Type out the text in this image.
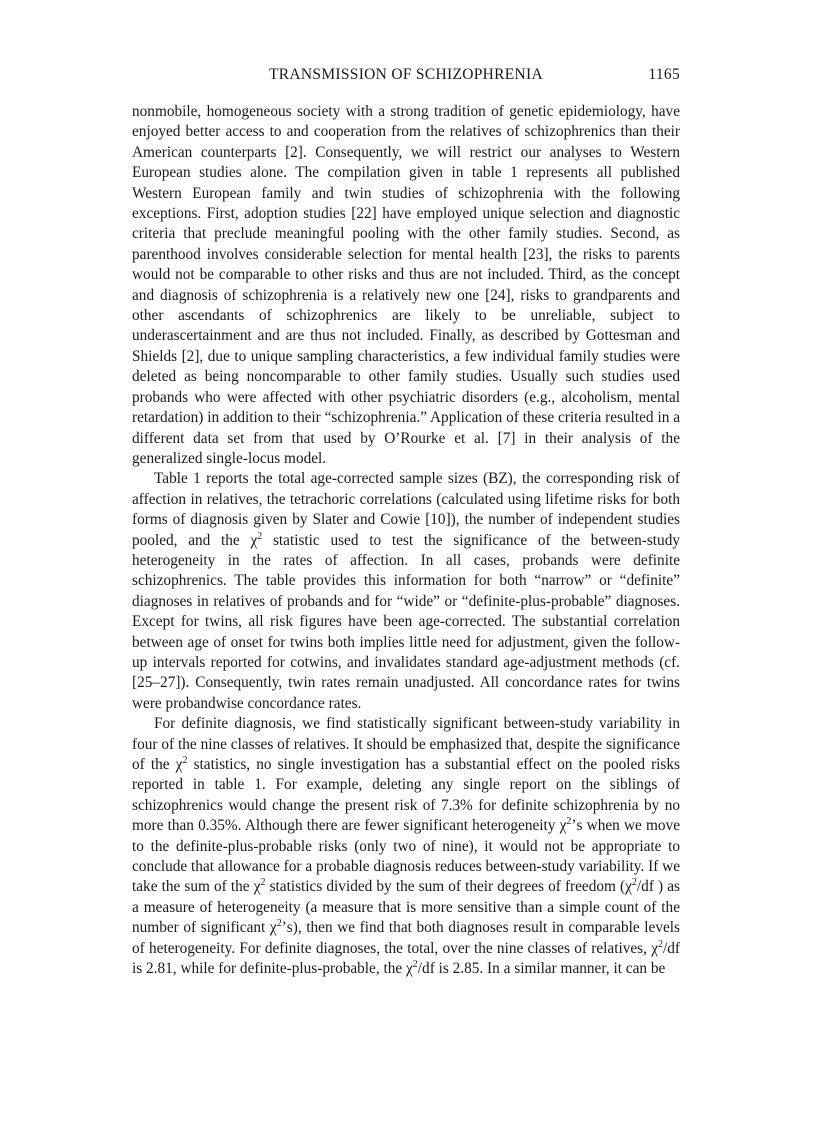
TRANSMISSION OF SCHIZOPHRENIA	1165

nonmobile, homogeneous society with a strong tradition of genetic epidemiology, have enjoyed better access to and cooperation from the relatives of schizophrenics than their American counterparts [2]. Consequently, we will restrict our analyses to Western European studies alone. The compilation given in table 1 represents all published Western European family and twin studies of schizophrenia with the following exceptions. First, adoption studies [22] have employed unique selection and diagnostic criteria that preclude meaningful pooling with the other family studies. Second, as parenthood involves considerable selection for mental health [23], the risks to parents would not be comparable to other risks and thus are not included. Third, as the concept and diagnosis of schizophrenia is a relatively new one [24], risks to grandparents and other ascendants of schizophrenics are likely to be unreliable, subject to underascertainment and are thus not included. Finally, as described by Gottesman and Shields [2], due to unique sampling characteristics, a few individual family studies were deleted as being noncomparable to other family studies. Usually such studies used probands who were affected with other psychiatric disorders (e.g., alcoholism, mental retardation) in addition to their “schizophrenia.” Application of these criteria resulted in a different data set from that used by O’Rourke et al. [7] in their analysis of the generalized single-locus model.

Table 1 reports the total age-corrected sample sizes (BZ), the corresponding risk of affection in relatives, the tetrachoric correlations (calculated using lifetime risks for both forms of diagnosis given by Slater and Cowie [10]), the number of independent studies pooled, and the $\chi^2$ statistic used to test the significance of the between-study heterogeneity in the rates of affection. In all cases, probands were definite schizophrenics. The table provides this information for both “narrow” or “definite” diagnoses in relatives of probands and for “wide” or “definite-plus-probable” diagnoses. Except for twins, all risk figures have been age-corrected. The substantial correlation between age of onset for twins both implies little need for adjustment, given the follow-up intervals reported for cotwins, and invalidates standard age-adjustment methods (cf. [25–27]). Consequently, twin rates remain unadjusted. All concordance rates for twins were probandwise concordance rates.

For definite diagnosis, we find statistically significant between-study variability in four of the nine classes of relatives. It should be emphasized that, despite the significance of the $\chi^2$ statistics, no single investigation has a substantial effect on the pooled risks reported in table 1. For example, deleting any single report on the siblings of schizophrenics would change the present risk of 7.3% for definite schizophrenia by no more than 0.35%. Although there are fewer significant heterogeneity $\chi^2’s$ when we move to the definite-plus-probable risks (only two of nine), it would not be appropriate to conclude that allowance for a probable diagnosis reduces between-study variability. If we take the sum of the $\chi^2$ statistics divided by the sum of their degrees of freedom ($\chi^2/df$ ) as a measure of heterogeneity (a measure that is more sensitive than a simple count of the number of significant $\chi^2’s$), then we find that both diagnoses result in comparable levels of heterogeneity. For definite diagnoses, the total, over the nine classes of relatives, $\chi^2/df$ is 2.81, while for definite-plus-probable, the $\chi^2/df$ is 2.85. In a similar manner, it can be
